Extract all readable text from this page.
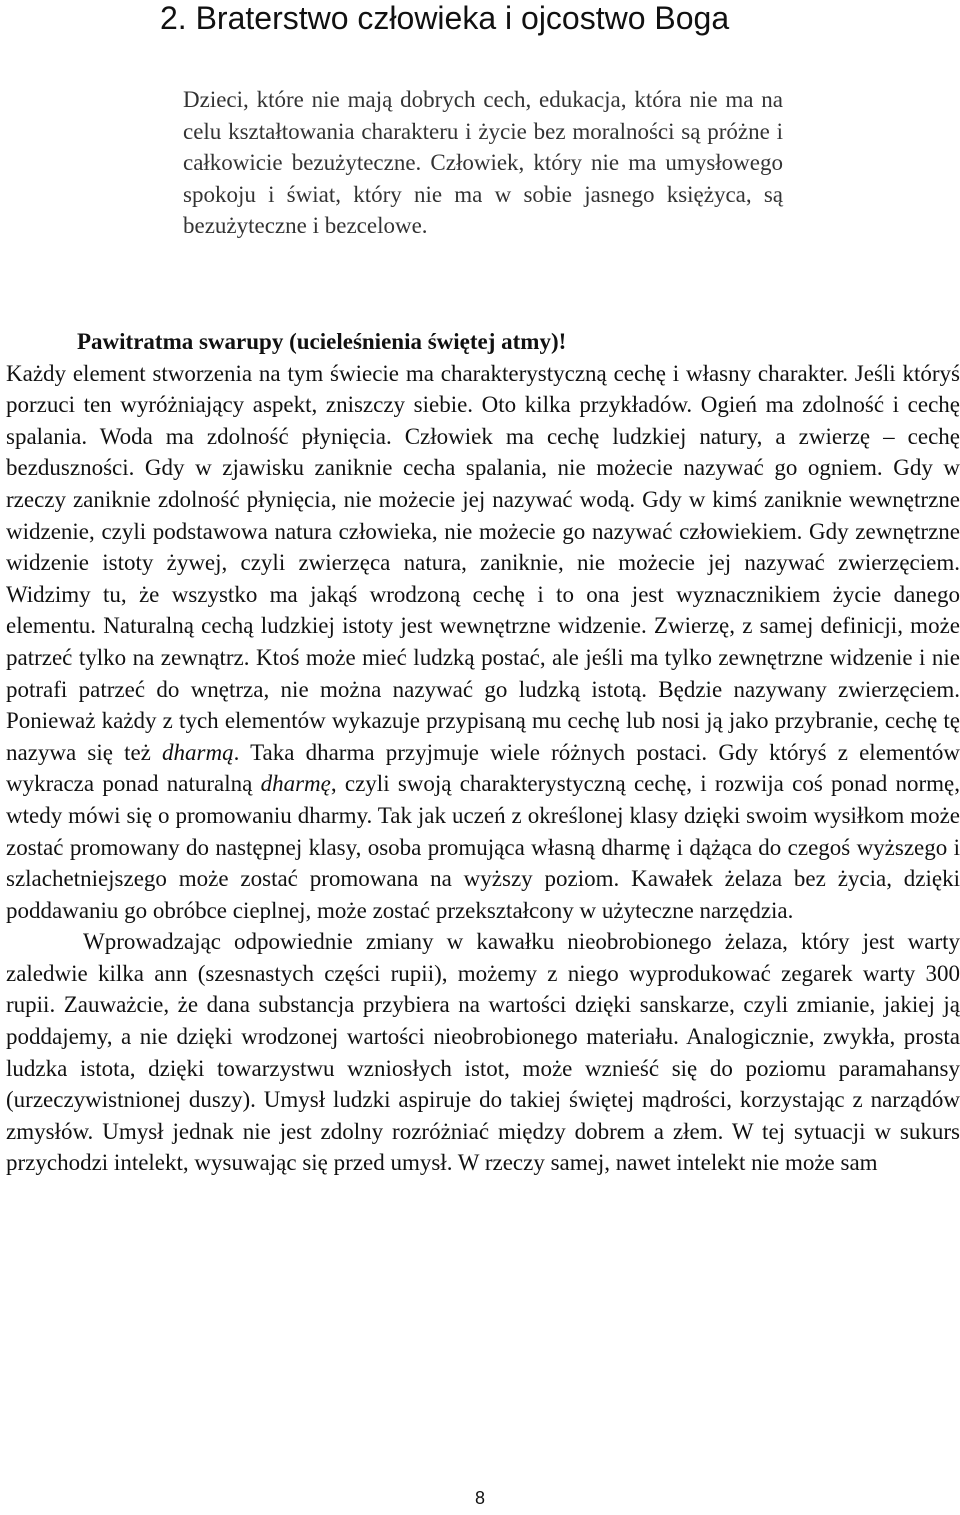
2. Braterstwo człowieka i ojcostwo Boga

Dzieci, które nie mają dobrych cech, edukacja, która nie ma na celu kształtowania charakteru i życie bez moralności są próżne i całkowicie bezużyteczne. Człowiek, który nie ma umysłowego spokoju i świat, który nie ma w sobie jasnego księżyca, są bezużyteczne i bezcelowe.

Pawitratma swarupy (ucieleśnienia świętej atmy)!
Każdy element stworzenia na tym świecie ma charakterystyczną cechę i własny charakter. Jeśli któryś porzuci ten wyróżniający aspekt, zniszczy siebie. Oto kilka przykładów. Ogień ma zdolność i cechę spalania. Woda ma zdolność płynięcia. Człowiek ma cechę ludzkiej natury, a zwierzę – cechę bezduszności. Gdy w zjawisku zaniknie cecha spalania, nie możecie nazywać go ogniem. Gdy w rzeczy zaniknie zdolność płynięcia, nie możecie jej nazywać wodą. Gdy w kimś zaniknie wewnętrzne widzenie, czyli podstawowa natura człowieka, nie możecie go nazywać człowiekiem. Gdy zewnętrzne widzenie istoty żywej, czyli zwierzęca natura, zaniknie, nie możecie jej nazywać zwierzęciem. Widzimy tu, że wszystko ma jakąś wrodzoną cechę i to ona jest wyznacznikiem życie danego elementu. Naturalną cechą ludzkiej istoty jest wewnętrzne widzenie. Zwierzę, z samej definicji, może patrzeć tylko na zewnątrz. Ktoś może mieć ludzką postać, ale jeśli ma tylko zewnętrzne widzenie i nie potrafi patrzeć do wnętrza, nie można nazywać go ludzką istotą. Będzie nazywany zwierzęciem. Ponieważ każdy z tych elementów wykazuje przypisaną mu cechę lub nosi ją jako przybranie, cechę tę nazywa się też dharmą. Taka dharma przyjmuje wiele różnych postaci. Gdy któryś z elementów wykracza ponad naturalną dharmę, czyli swoją charakterystyczną cechę, i rozwija coś ponad normę, wtedy mówi się o promowaniu dharmy. Tak jak uczeń z określonej klasy dzięki swoim wysiłkom może zostać promowany do następnej klasy, osoba promująca własną dharmę i dążąca do czegoś wyższego i szlachetniejszego może zostać promowana na wyższy poziom. Kawałek żelaza bez życia, dzięki poddawaniu go obróbce cieplnej, może zostać przekształcony w użyteczne narzędzia.
Wprowadzając odpowiednie zmiany w kawałku nieobrobionego żelaza, który jest warty zaledwie kilka ann (szesnastych części rupii), możemy z niego wyprodukować zegarek warty 300 rupii. Zauważcie, że dana substancja przybiera na wartości dzięki sanskarze, czyli zmianie, jakiej ją poddajemy, a nie dzięki wrodzonej wartości nieobrobionego materiału. Analogicznie, zwykła, prosta ludzka istota, dzięki towarzystwu wzniosłych istot, może wznieść się do poziomu paramahansy (urzeczywistnionej duszy). Umysł ludzki aspiruje do takiej świętej mądrości, korzystając z narządów zmysłów. Umysł jednak nie jest zdolny rozróżniać między dobrem a złem. W tej sytuacji w sukurs przychodzi intelekt, wysuwając się przed umysł. W rzeczy samej, nawet intelekt nie może sam
8
